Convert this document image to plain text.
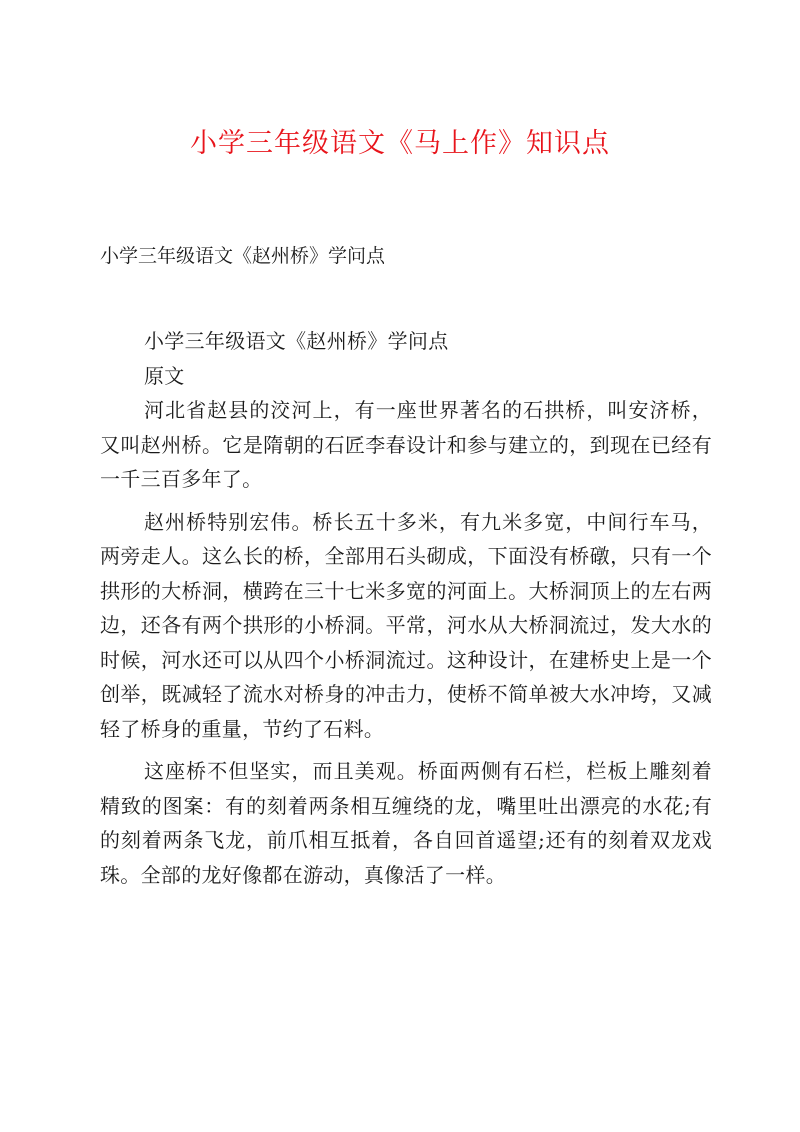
小学三年级语文《马上作》知识点

小学三年级语文《赵州桥》学问点

小学三年级语文《赵州桥》学问点

原文

河北省赵县的洨河上，有一座世界著名的石拱桥，叫安济桥，又叫赵州桥。它是隋朝的石匠李春设计和参与建立的，到现在已经有一千三百多年了。

赵州桥特别宏伟。桥长五十多米，有九米多宽，中间行车马，两旁走人。这么长的桥，全部用石头砌成，下面没有桥礅，只有一个拱形的大桥洞，横跨在三十七米多宽的河面上。大桥洞顶上的左右两边，还各有两个拱形的小桥洞。平常，河水从大桥洞流过，发大水的时候，河水还可以从四个小桥洞流过。这种设计，在建桥史上是一个创举，既减轻了流水对桥身的冲击力，使桥不简单被大水冲垮，又减轻了桥身的重量，节约了石料。

这座桥不但坚实，而且美观。桥面两侧有石栏，栏板上雕刻着精致的图案：有的刻着两条相互缠绕的龙，嘴里吐出漂亮的水花;有的刻着两条飞龙，前爪相互抵着，各自回首遥望;还有的刻着双龙戏珠。全部的龙好像都在游动，真像活了一样。
